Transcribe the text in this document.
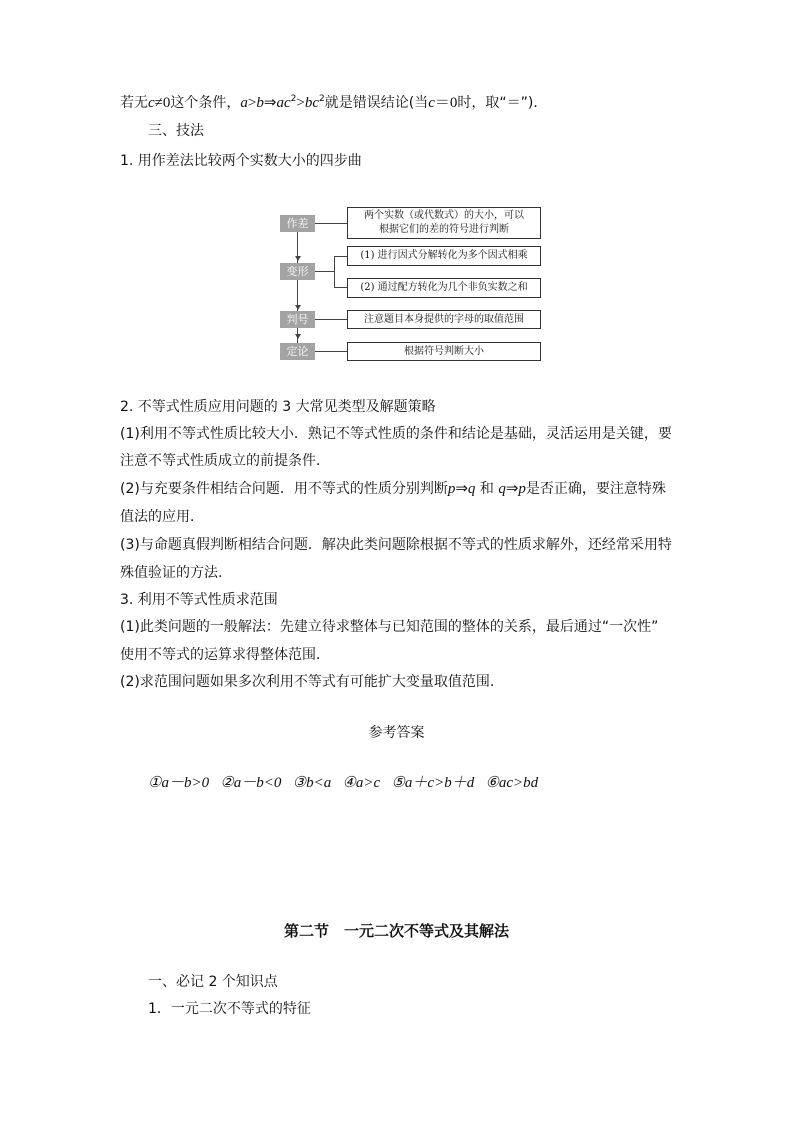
若无c≠0这个条件，$a>b\Rightarrow ac^2>bc^2$就是错误结论(当c＝0时，取“＝”)．
三、技法
1. 用作差法比较两个实数大小的四步曲
作差
变形
判号
定论
两个实数（或代数式）的大小，可以根据它们的差的符号进行判断
(1) 进行因式分解转化为多个因式相乘
(2) 通过配方转化为几个非负实数之和
注意题目本身提供的字母的取值范围
根据符号判断大小
2. 不等式性质应用问题的 3 大常见类型及解题策略
(1)利用不等式性质比较大小．熟记不等式性质的条件和结论是基础，灵活运用是关键，要
注意不等式性质成立的前提条件．
(2)与充要条件相结合问题．用不等式的性质分别判断p⇒q 和 q⇒p是否正确，要注意特殊
值法的应用．
(3)与命题真假判断相结合问题．解决此类问题除根据不等式的性质求解外，还经常采用特
殊值验证的方法.
3. 利用不等式性质求范围
(1)此类问题的一般解法：先建立待求整体与已知范围的整体的关系，最后通过“一次性”
使用不等式的运算求得整体范围．
(2)求范围问题如果多次利用不等式有可能扩大变量取值范围.
参考答案
①a－b>0 ②a－b<0 ③b<a ④a>c ⑤a＋c>b＋d ⑥ac>bd
第二节　一元二次不等式及其解法
一、必记 2 个知识点
1．一元二次不等式的特征
